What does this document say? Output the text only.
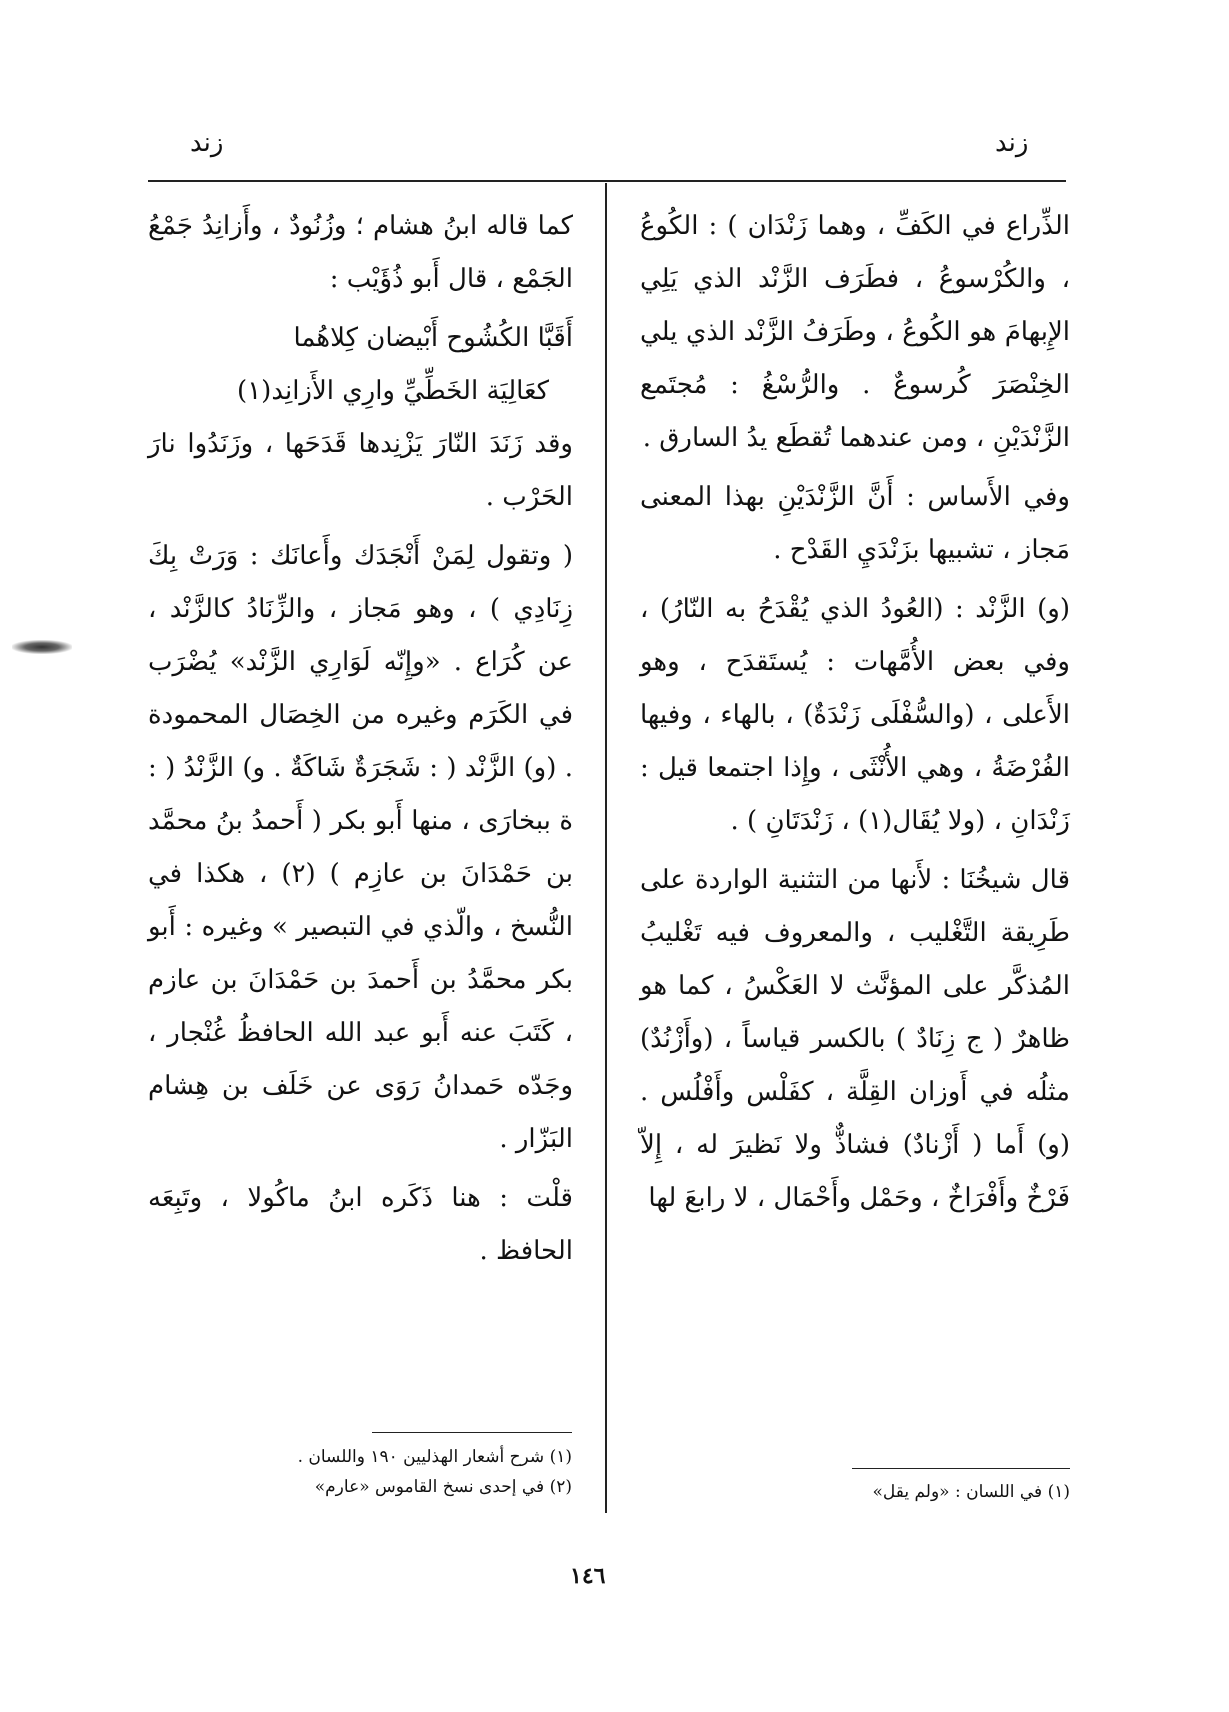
زند
زند

الذِّراع في الكَفِّ ، وهما زَنْدَان ) : الكُوعُ ، والكُرْسوعُ ، فطَرَف الزَّنْد الذي يَلِي الإِبهامَ هو الكُوعُ ، وطَرَفُ الزَّنْد الذي يلي الخِنْصَرَ كُرسوعٌ . والرُّسْغُ : مُجتَمع الزَّنْدَيْنِ ، ومن عندهما تُقطَع يدُ السارق .

وفي الأَساس : أَنَّ الزَّنْدَيْنِ بهذا المعنى مَجاز ، تشبيها بزَنْدَيِ القَدْح .

(و) الزَّنْد : (العُودُ الذي يُقْدَحُ به النّارُ) ، وفي بعض الأُمَّهات : يُستَقدَح ، وهو الأَعلى ، (والسُّفْلَى زَنْدَةٌ) ، بالهاء ، وفيها الفُرْضَةُ ، وهي الأُنْثَى ، وإِذا اجتمعا قيل : زَنْدَانِ ، (ولا يُقَال(١) ، زَنْدَتَانِ ) .

قال شيخُنَا : لأَنها من التثنية الواردة على طَرِيقة التَّغْليب ، والمعروف فيه تَغْليبُ المُذكَّر على المؤنَّث لا العَكْسُ ، كما هو ظاهرٌ ( ج زِنَادٌ ) بالكسر قياساً ، (وأَزْنُدٌ) مثلُه في أَوزان القِلَّة ، كفَلْس وأَفْلُس . (و) أَما ( أَزْنادٌ) فشاذٌّ ولا نَظيرَ له ، إِلاّ فَرْخٌ وأَفْرَاخٌ ، وحَمْل وأَحْمَال ، لا رابعَ لها

كما قاله ابنُ هشام ؛ وزُنُودٌ ، وأَزانِدُ جَمْعُ الجَمْع ، قال أَبو ذُؤَيْب :

أَقَبَّا الكُشُوح أَبْيضان كِلاهُما
كعَالِيَة الخَطِّيِّ وارِي الأَزانِد(١)

وقد زَنَدَ النّارَ يَزْنِدها قَدَحَها ، وزَنَدُوا نارَ الحَرْب .

( وتقول لِمَنْ أَنْجَدَك وأَعانَك : وَرَتْ بِكَ زِنَادِي ) ، وهو مَجاز ، والزِّنَادُ كالزَّنْد ، عن كُرَاع . «وإِنّه لَوَارِي الزَّنْد» يُضْرَب في الكَرَم وغيره من الخِصَال المحمودة . (و) الزَّنْد ( : شَجَرَةٌ شَاكَةٌ . و) الزَّنْدُ ( : ة ببخارَى ، منها أَبو بكر ( أَحمدُ بنُ محمَّد بن حَمْدَانَ بن عازِم ) (٢) ، هكذا في النُّسخ ، والّذي في التبصير » وغيره : أَبو بكر محمَّدُ بن أَحمدَ بن حَمْدَانَ بن عازم ، كَتَبَ عنه أَبو عبد الله الحافظُ غُنْجار ، وجَدّه حَمدانُ رَوَى عن خَلَف بن هِشام البَزّار .

قلْت : هنا ذَكَره ابنُ ماكُولا ، وتَبِعَه الحافظ .

(١) في اللسان : «ولم يقل»
(١) شرح أشعار الهذليين ١٩٠ واللسان .
(٢) في إحدى نسخ القاموس «عارم»
١٤٦
